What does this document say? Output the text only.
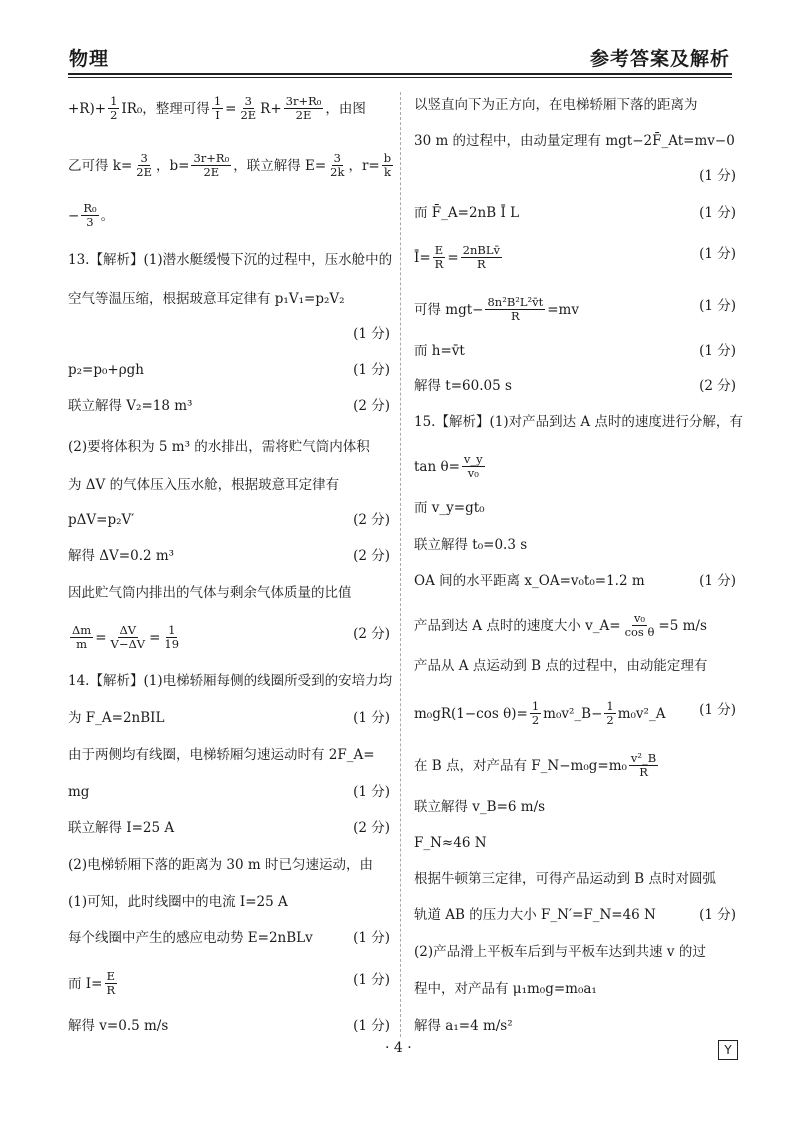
物理	参考答案及解析
$+R)+ \frac{1}{2} IR_0$，整理可得 $\frac{1}{I} = \frac{3}{2E} R+ \frac{\text{3r+R₀}}{2E}$ ，由图
乙可得 $k= \frac{3}{2E}$ ，$b= \frac{\text{3r+R₀}}{2E}$ ，联立解得 $E= \frac{3}{2k}$ ，$r= \frac{b}{k}$
− $\frac{\text{R₀}}{3}$ 。
13.【解析】(1)潜水艇缓慢下沉的过程中，压水舱中的
空气等温压缩，根据玻意耳定律有 p₁V₁=p₂V₂
(1 分)
p₂=p₀+ρgh	(1 分)
联立解得 V₂=18 m³	(2 分)
(2)要将体积为 5 m³ 的水排出，需将贮气筒内体积
为 ΔV 的气体压入压水舱，根据玻意耳定律有
pΔV=p₂V′	(2 分)
解得 ΔV=0.2 m³	(2 分)
因此贮气筒内排出的气体与剩余气体质量的比值
$\frac{\Delta m}{m} = \frac{\Delta V}{V-\Delta V} = \frac{1}{19}$	(2 分)
14.【解析】(1)电梯轿厢每侧的线圈所受到的安培力均
为 F_A=2nBIL	(1 分)
由于两侧均有线圈，电梯轿厢匀速运动时有 2F_A=
mg	(1 分)
联立解得 I=25 A	(2 分)
(2)电梯轿厢下落的距离为 30 m 时已匀速运动，由
(1)可知，此时线圈中的电流 I=25 A
每个线圈中产生的感应电动势 E=2nBLv	(1 分)
而 $I= \frac{E}{R}$	(1 分)
解得 v=0.5 m/s	(1 分)
以竖直向下为正方向，在电梯轿厢下落的距离为
30 m 的过程中，由动量定理有 mgt−2F̄_At=mv−0
(1 分)
而 F̄_A=2nB Ī L	(1 分)
Ī= $\frac{E}{R} = \frac{\text{2nBLv̄}}{R}$	(1 分)
可得 $mgt- \frac{\text{8n²B²L²v̄t}}{R} =mv$	(1 分)
而 h=v̄t	(1 分)
解得 t=60.05 s	(2 分)
15.【解析】(1)对产品到达 A 点时的速度进行分解，有
$\tan \theta= \frac{v\_y}{\text{v₀}}$
而 v_y=gt₀
联立解得 t₀=0.3 s
OA 间的水平距离 x_OA=v₀t₀=1.2 m	(1 分)
产品到达 A 点时的速度大小 v_A= $\frac{\text{v₀}}{\text{cos θ}} =5$ m/s
产品从 A 点运动到 B 点的过程中，由动能定理有
m₀gR(1−cos $\theta)= \frac{1}{2}$ m₀v²_B− $\frac{1}{2}$ m₀v²_A (1 分)
在 B 点，对产品有 F_N−m₀g=m₀ $\frac{\text{v²\_B}}{R}$
联立解得 v_B=6 m/s
F_N≈46 N
根据牛顿第三定律，可得产品运动到 B 点时对圆弧
轨道 AB 的压力大小 F_N′=F_N=46 N	(1 分)
(2)产品滑上平板车后到与平板车达到共速 v 的过
程中，对产品有 μ₁m₀g=m₀a₁
解得 a₁=4 m/s²
· 4 ·	Y
